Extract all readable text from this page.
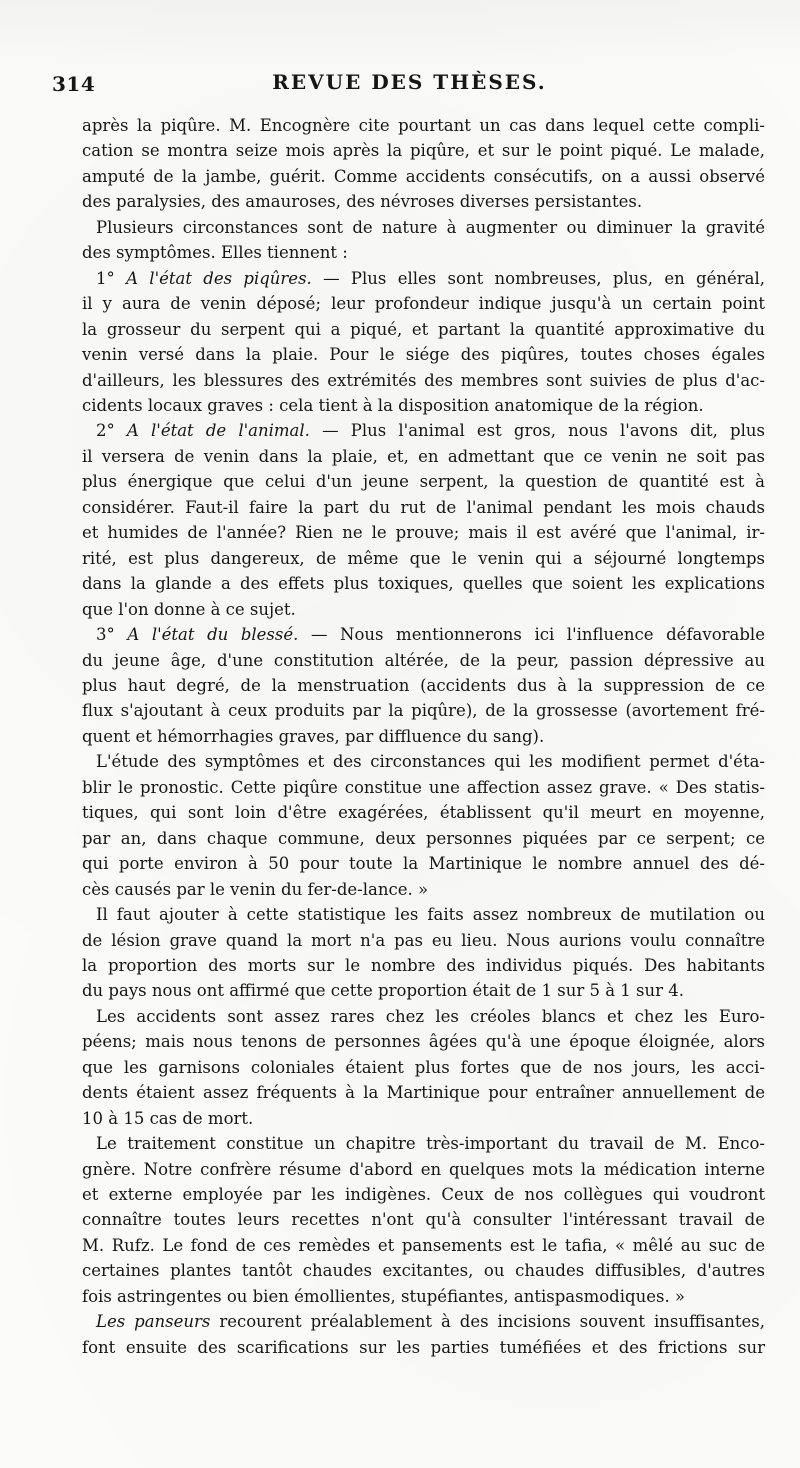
314	REVUE DES THÈSES.
après la piqûre. M. Encognère cite pourtant un cas dans lequel cette compli-
cation se montra seize mois après la piqûre, et sur le point piqué. Le malade,
amputé de la jambe, guérit. Comme accidents consécutifs, on a aussi observé
des paralysies, des amauroses, des névroses diverses persistantes.
Plusieurs circonstances sont de nature à augmenter ou diminuer la gravité
des symptômes. Elles tiennent :
1° A l'état des piqûres. — Plus elles sont nombreuses, plus, en général,
il y aura de venin déposé; leur profondeur indique jusqu'à un certain point
la grosseur du serpent qui a piqué, et partant la quantité approximative du
venin versé dans la plaie. Pour le siége des piqûres, toutes choses égales
d'ailleurs, les blessures des extrémités des membres sont suivies de plus d'ac-
cidents locaux graves : cela tient à la disposition anatomique de la région.
2° A l'état de l'animal. — Plus l'animal est gros, nous l'avons dit, plus
il versera de venin dans la plaie, et, en admettant que ce venin ne soit pas
plus énergique que celui d'un jeune serpent, la question de quantité est à
considérer. Faut-il faire la part du rut de l'animal pendant les mois chauds
et humides de l'année? Rien ne le prouve; mais il est avéré que l'animal, ir-
rité, est plus dangereux, de même que le venin qui a séjourné longtemps
dans la glande a des effets plus toxiques, quelles que soient les explications
que l'on donne à ce sujet.
3° A l'état du blessé. — Nous mentionnerons ici l'influence défavorable
du jeune âge, d'une constitution altérée, de la peur, passion dépressive au
plus haut degré, de la menstruation (accidents dus à la suppression de ce
flux s'ajoutant à ceux produits par la piqûre), de la grossesse (avortement fré-
quent et hémorrhagies graves, par diffluence du sang).
L'étude des symptômes et des circonstances qui les modifient permet d'éta-
blir le pronostic. Cette piqûre constitue une affection assez grave. « Des statis-
tiques, qui sont loin d'être exagérées, établissent qu'il meurt en moyenne,
par an, dans chaque commune, deux personnes piquées par ce serpent; ce
qui porte environ à 50 pour toute la Martinique le nombre annuel des dé-
cès causés par le venin du fer-de-lance. »
Il faut ajouter à cette statistique les faits assez nombreux de mutilation ou
de lésion grave quand la mort n'a pas eu lieu. Nous aurions voulu connaître
la proportion des morts sur le nombre des individus piqués. Des habitants
du pays nous ont affirmé que cette proportion était de 1 sur 5 à 1 sur 4.
Les accidents sont assez rares chez les créoles blancs et chez les Euro-
péens; mais nous tenons de personnes âgées qu'à une époque éloignée, alors
que les garnisons coloniales étaient plus fortes que de nos jours, les acci-
dents étaient assez fréquents à la Martinique pour entraîner annuellement de
10 à 15 cas de mort.
Le traitement constitue un chapitre très-important du travail de M. Enco-
gnère. Notre confrère résume d'abord en quelques mots la médication interne
et externe employée par les indigènes. Ceux de nos collègues qui voudront
connaître toutes leurs recettes n'ont qu'à consulter l'intéressant travail de
M. Rufz. Le fond de ces remèdes et pansements est le tafia, « mêlé au suc de
certaines plantes tantôt chaudes excitantes, ou chaudes diffusibles, d'autres
fois astringentes ou bien émollientes, stupéfiantes, antispasmodiques. »
Les panseurs recourent préalablement à des incisions souvent insuffisantes,
font ensuite des scarifications sur les parties tuméfiées et des frictions sur
